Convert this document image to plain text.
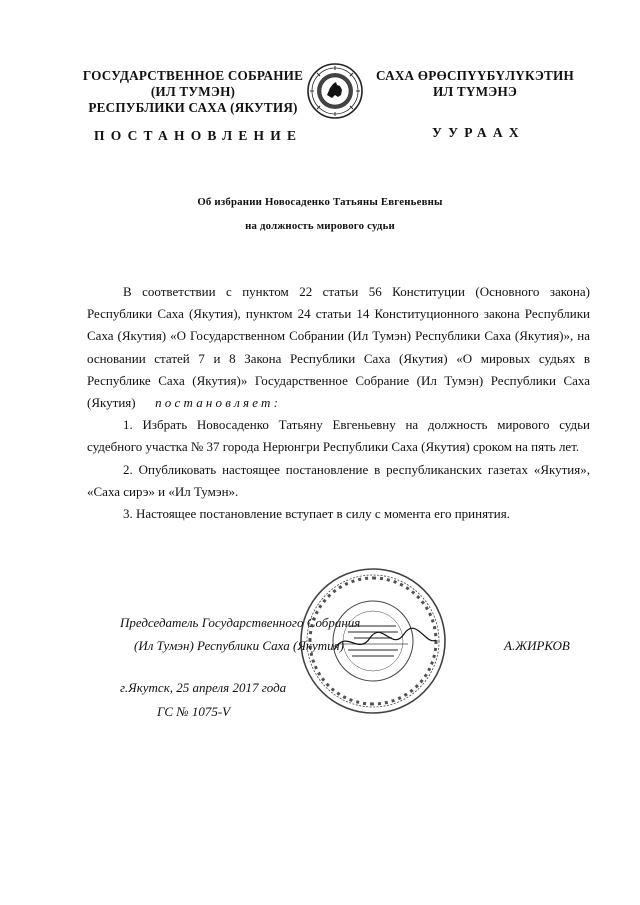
ГОСУДАРСТВЕННОЕ СОБРАНИЕ
(ИЛ ТУМЭН)
РЕСПУБЛИКИ САХА (ЯКУТИЯ)
САХА ӨРӨСПҮҮБҮЛҮКЭТИН
ИЛ ТҮМЭНЭ
ПОСТАНОВЛЕНИЕ	УУРААХ
Об избрании Новосаденко Татьяны Евгеньевны
на должность мирового судьи

В соответствии с пунктом 22 статьи 56 Конституции (Основного закона) Республики Саха (Якутия), пунктом 24 статьи 14 Конституционного закона Республики Саха (Якутия) «О Государственном Собрании (Ил Тумэн) Республики Саха (Якутия)», на основании статей 7 и 8 Закона Республики Саха (Якутия) «О мировых судьях в Республике Саха (Якутия)» Государственное Собрание (Ил Тумэн) Республики Саха (Якутия) постановляет:

1. Избрать Новосаденко Татьяну Евгеньевну на должность мирового судьи судебного участка № 37 города Нерюнгри Республики Саха (Якутия) сроком на пять лет.

2. Опубликовать настоящее постановление в республиканских газетах «Якутия», «Саха сирэ» и «Ил Тумэн».

3. Настоящее постановление вступает в силу с момента его принятия.

Председатель Государственного Собрания
(Ил Тумэн) Республики Саха (Якутия)	А.ЖИРКОВ
г.Якутск, 25 апреля 2017 года
ГС № 1075-V
